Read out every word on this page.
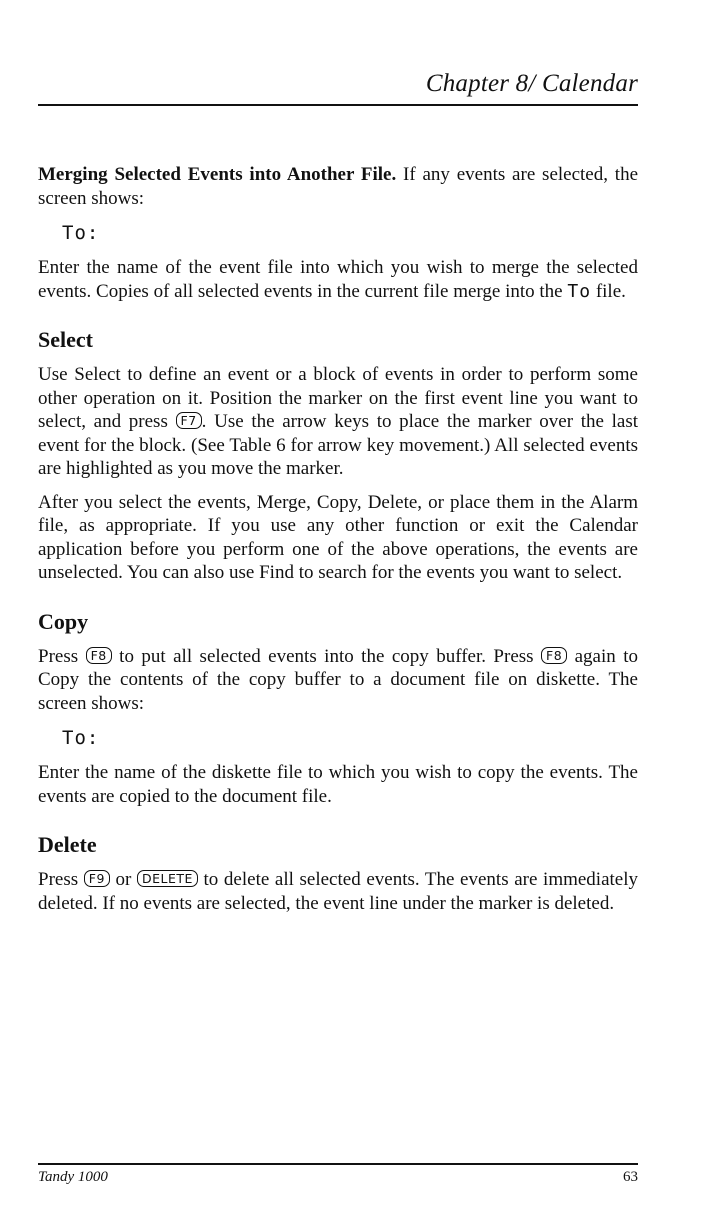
Chapter 8/ Calendar

Merging Selected Events into Another File. If any events are selected, the screen shows:

To:

Enter the name of the event file into which you wish to merge the selected events. Copies of all selected events in the current file merge into the To file.

Select

Use Select to define an event or a block of events in order to perform some other operation on it. Position the marker on the first event line you want to select, and press F7 . Use the arrow keys to place the marker over the last event for the block. (See Table 6 for arrow key movement.) All selected events are highlighted as you move the marker.

After you select the events, Merge, Copy, Delete, or place them in the Alarm file, as appropriate. If you use any other function or exit the Calendar application before you perform one of the above operations, the events are unselected. You can also use Find to search for the events you want to select.

Copy

Press F8 to put all selected events into the copy buffer. Press F8 again to Copy the contents of the copy buffer to a document file on diskette. The screen shows:

To:

Enter the name of the diskette file to which you wish to copy the events. The events are copied to the document file.

Delete

Press F9 or DELETE to delete all selected events. The events are immediately deleted. If no events are selected, the event line under the marker is deleted.

Tandy 1000	63
